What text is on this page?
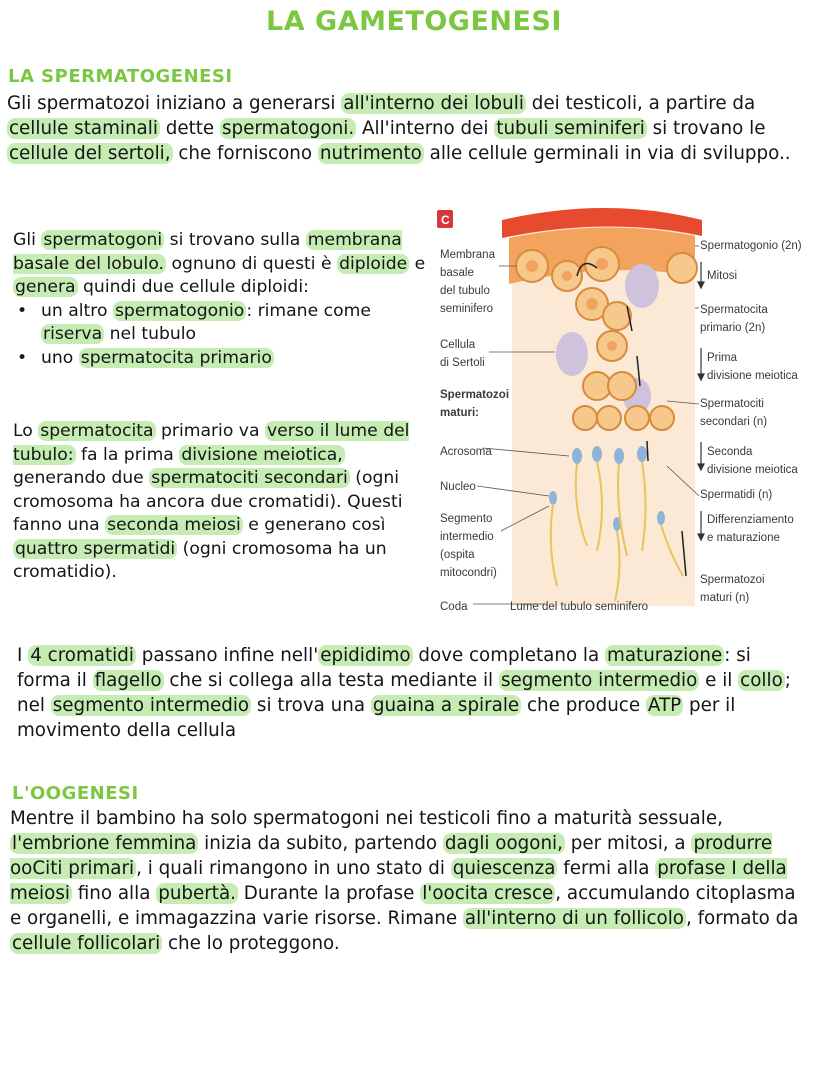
LA GAMETOGENESI
LA SPERMATOGENESI

Gli spermatozoi iniziano a generarsi all'interno dei lobuli dei testicoli, a partire da cellule staminali dette spermatogoni. All'interno dei tubuli seminiferi si trovano le cellule del sertoli, che forniscono nutrimento alle cellule germinali in via di sviluppo..

Gli spermatogoni si trovano sulla membrana basale del lobulo. ognuno di questi è diploide e genera quindi due cellule diploidi:
• un altro spermatogonio : rimane come riserva nel tubulo
• uno spermatocita primario

Lo spermatocita primario va verso il lume del tubulo: fa la prima divisione meiotica, generando due spermatociti secondari (ogni cromosoma ha ancora due cromatidi). Questi fanno una seconda meiosi e generano così quattro spermatidi (ogni cromosoma ha un cromatidio).

I 4 cromatidi passano infine nell' epididimo dove completano la maturazione : si forma il flagello che si collega alla testa mediante il segmento intermedio e il collo ; nel segmento intermedio si trova una guaina a spirale che produce ATP per il movimento della cellula

C
Membrana basale del tubulo seminifero
Cellula di Sertoli
Spermatozoi maturi:
Acrosoma
Nucleo
Segmento intermedio (ospita mitocondri)
Coda	Lume del tubulo seminifero
Spermatogonio (2n)
Mitosi
Spermatocita primario (2n)
Prima divisione meiotica
Spermatociti secondari (n)
Seconda divisione meiotica
Spermatidi (n)
Differenziamento e maturazione
Spermatozoi maturi (n)
L'OOGENESI

Mentre il bambino ha solo spermatogoni nei testicoli fino a maturità sessuale, l'embrione femmina inizia da subito, partendo dagli oogoni, per mitosi, a produrre ooCiti primari , i quali rimangono in uno stato di quiescenza fermi alla profase I della meiosi fino alla pubertà. Durante la profase l'oocita cresce , accumulando citoplasma e organelli, e immagazzina varie risorse. Rimane all'interno di un follicolo , formato da cellule follicolari che lo proteggono.
